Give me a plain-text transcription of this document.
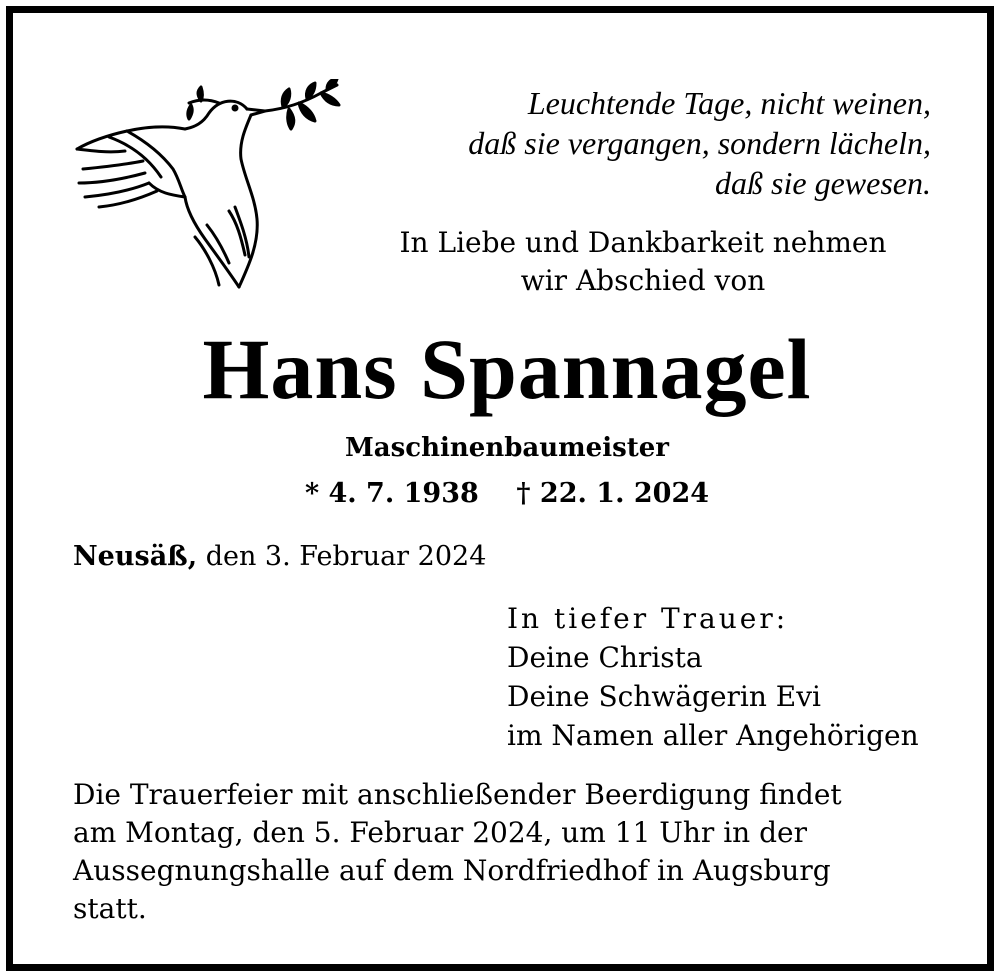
Leuchtende Tage, nicht weinen,
daß sie vergangen, sondern lächeln,
daß sie gewesen.
In Liebe und Dankbarkeit nehmen
wir Abschied von
Hans Spannagel
Maschinenbaumeister
* 4. 7. 1938 † 22. 1. 2024
Neusäß, den 3. Februar 2024
In tiefer Trauer:
Deine Christa
Deine Schwägerin Evi
im Namen aller Angehörigen
Die Trauerfeier mit anschließender Beerdigung findet
am Montag, den 5. Februar 2024, um 11 Uhr in der
Aussegnungshalle auf dem Nordfriedhof in Augsburg
statt.
